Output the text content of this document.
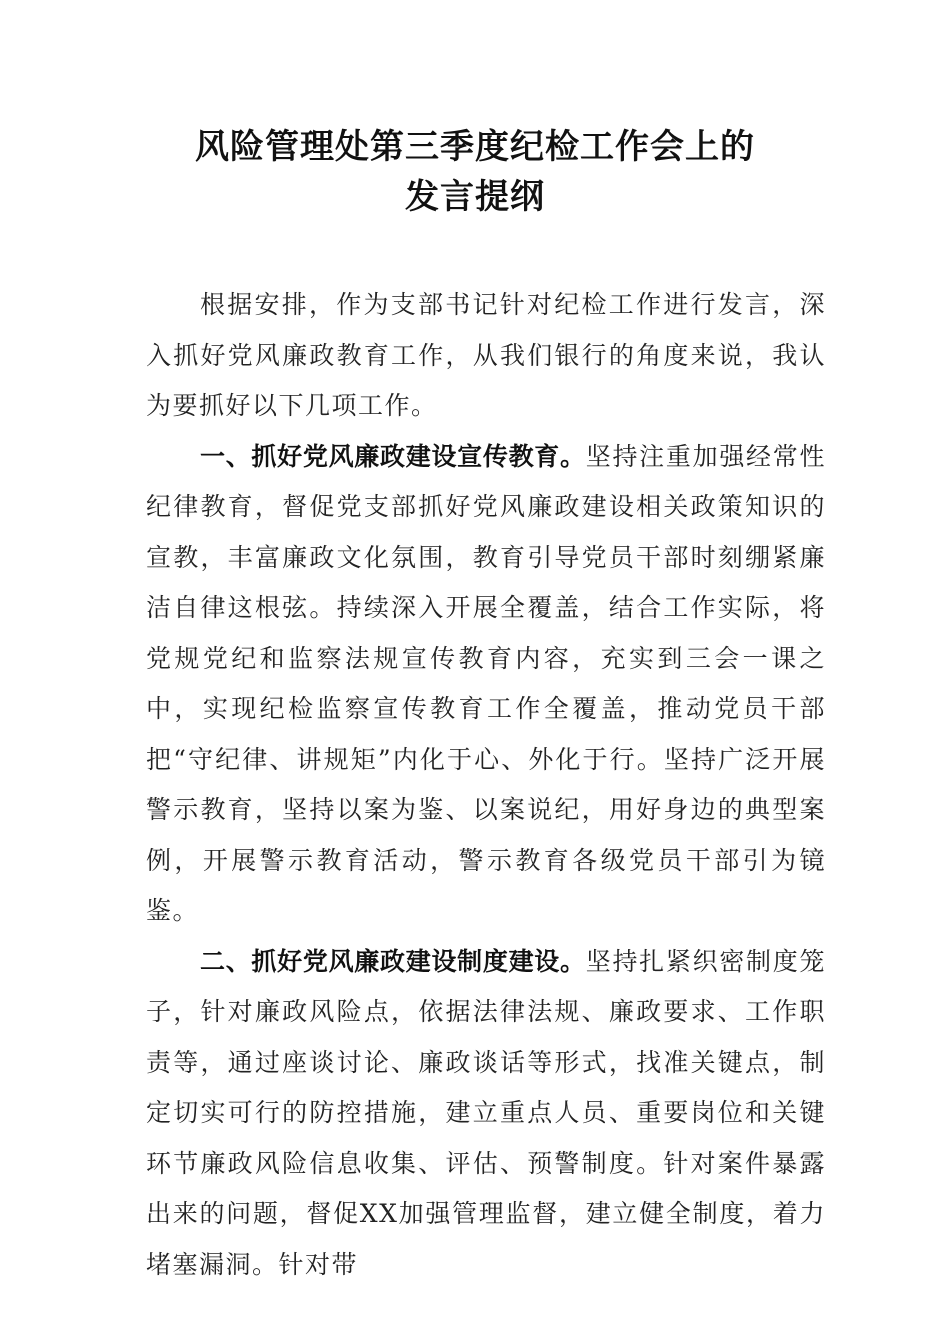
风险管理处第三季度纪检工作会上的
发言提纲

根据安排，作为支部书记针对纪检工作进行发言，深入抓好党风廉政教育工作，从我们银行的角度来说，我认为要抓好以下几项工作。

一、抓好党风廉政建设宣传教育。坚持注重加强经常性纪律教育，督促党支部抓好党风廉政建设相关政策知识的宣教，丰富廉政文化氛围，教育引导党员干部时刻绷紧廉洁自律这根弦。持续深入开展全覆盖，结合工作实际，将党规党纪和监察法规宣传教育内容，充实到三会一课之中，实现纪检监察宣传教育工作全覆盖，推动党员干部把“守纪律、讲规矩”内化于心、外化于行。坚持广泛开展警示教育，坚持以案为鉴、以案说纪，用好身边的典型案例，开展警示教育活动，警示教育各级党员干部引为镜鉴。

二、抓好党风廉政建设制度建设。坚持扎紧织密制度笼子，针对廉政风险点，依据法律法规、廉政要求、工作职责等，通过座谈讨论、廉政谈话等形式，找准关键点，制定切实可行的防控措施，建立重点人员、重要岗位和关键环节廉政风险信息收集、评估、预警制度。针对案件暴露出来的问题，督促XX加强管理监督，建立健全制度，着力堵塞漏洞。针对带
